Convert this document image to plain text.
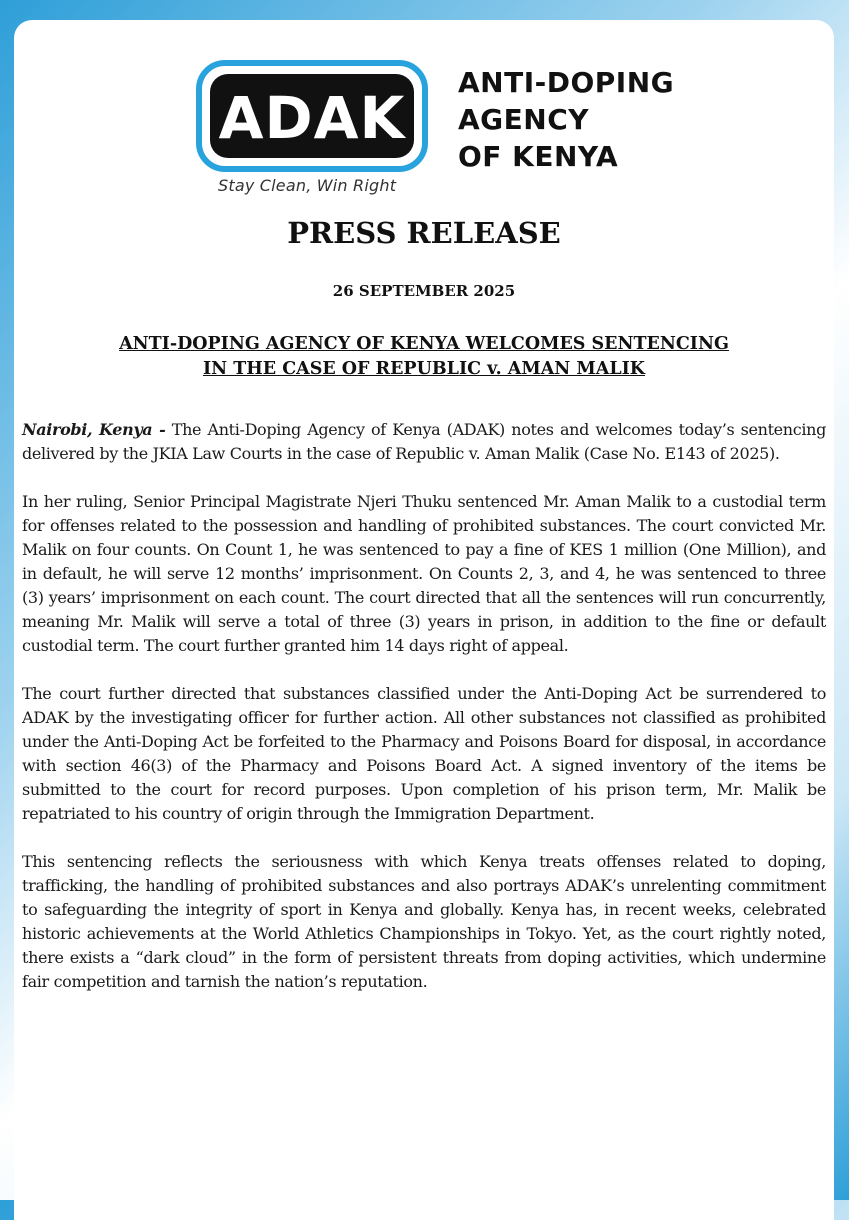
ADAK
Stay Clean, Win Right
ANTI-DOPING
AGENCY
OF KENYA
PRESS RELEASE
26 SEPTEMBER 2025
ANTI-DOPING AGENCY OF KENYA WELCOMES SENTENCING
IN THE CASE OF REPUBLIC v. AMAN MALIK

Nairobi, Kenya - The Anti-Doping Agency of Kenya (ADAK) notes and welcomes today’s sentencing delivered by the JKIA Law Courts in the case of Republic v. Aman Malik (Case No. E143 of 2025).

In her ruling, Senior Principal Magistrate Njeri Thuku sentenced Mr. Aman Malik to a custodial term for offenses related to the possession and handling of prohibited substances. The court convicted Mr. Malik on four counts. On Count 1, he was sentenced to pay a fine of KES 1 million (One Million), and in default, he will serve 12 months’ imprisonment. On Counts 2, 3, and 4, he was sentenced to three (3) years’ imprisonment on each count. The court directed that all the sentences will run concurrently, meaning Mr. Malik will serve a total of three (3) years in prison, in addition to the fine or default custodial term. The court further granted him 14 days right of appeal.

The court further directed that substances classified under the Anti-Doping Act be surrendered to ADAK by the investigating officer for further action. All other substances not classified as prohibited under the Anti-Doping Act be forfeited to the Pharmacy and Poisons Board for disposal, in accordance with section 46(3) of the Pharmacy and Poisons Board Act. A signed inventory of the items be submitted to the court for record purposes. Upon completion of his prison term, Mr. Malik be repatriated to his country of origin through the Immigration Department.

This sentencing reflects the seriousness with which Kenya treats offenses related to doping, trafficking, the handling of prohibited substances and also portrays ADAK’s unrelenting commitment to safeguarding the integrity of sport in Kenya and globally. Kenya has, in recent weeks, celebrated historic achievements at the World Athletics Championships in Tokyo. Yet, as the court rightly noted, there exists a “dark cloud” in the form of persistent threats from doping activities, which undermine fair competition and tarnish the nation’s reputation.
